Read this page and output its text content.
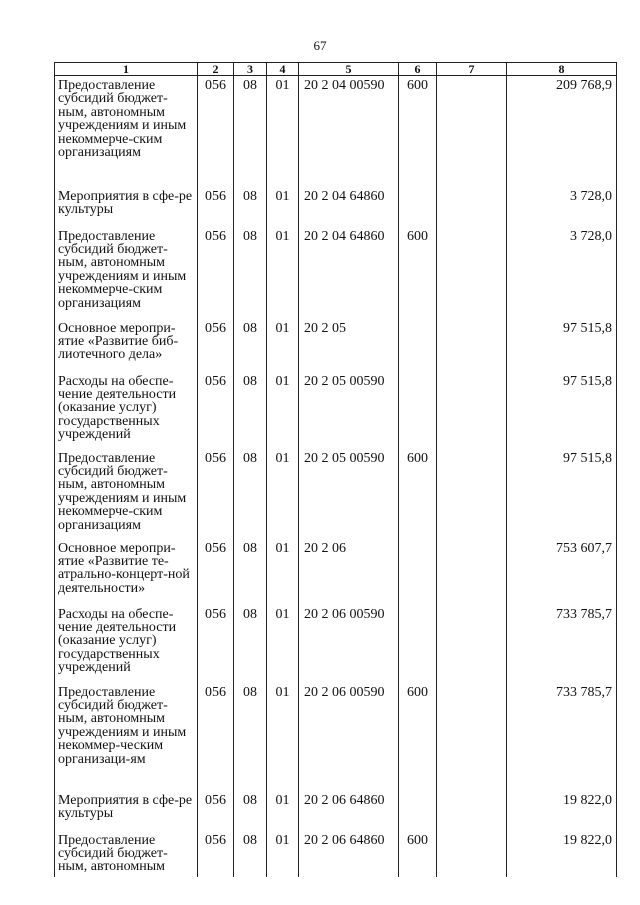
67
1	2	3	4	5	6	7	8
Предоставление субсидий бюджет-ным, автономным учреждениям и иным некоммерче-ским организациям	056	08	01	20 2 04 00590	600		209 768,9
Мероприятия в сфе-ре культуры	056	08	01	20 2 04 64860			3 728,0
Предоставление субсидий бюджет-ным, автономным учреждениям и иным некоммерче-ским организациям	056	08	01	20 2 04 64860	600		3 728,0
Основное меропри-ятие «Развитие биб-лиотечного дела»	056	08	01	20 2 05			97 515,8
Расходы на обеспе-чение деятельности (оказание услуг) государственных учреждений	056	08	01	20 2 05 00590			97 515,8
Предоставление субсидий бюджет-ным, автономным учреждениям и иным некоммерче-ским организациям	056	08	01	20 2 05 00590	600		97 515,8
Основное меропри-ятие «Развитие те-атрально-концерт-ной деятельности»	056	08	01	20 2 06			753 607,7
Расходы на обеспе-чение деятельности (оказание услуг) государственных учреждений	056	08	01	20 2 06 00590			733 785,7
Предоставление субсидий бюджет-ным, автономным учреждениям и иным некоммер-ческим организаци-ям	056	08	01	20 2 06 00590	600		733 785,7
Мероприятия в сфе-ре культуры	056	08	01	20 2 06 64860			19 822,0
Предоставление субсидий бюджет-ным, автономным	056	08	01	20 2 06 64860	600		19 822,0
